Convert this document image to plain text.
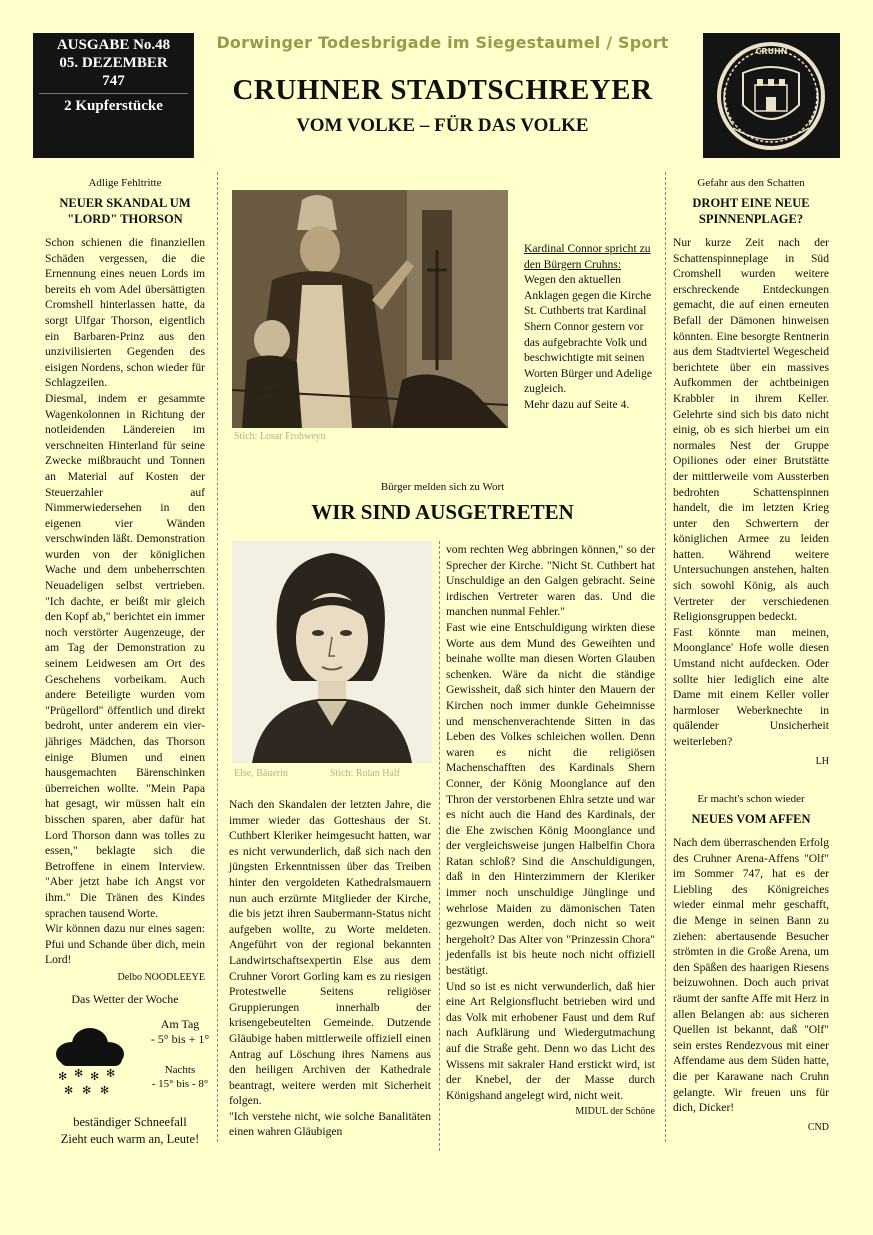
AUSGABE No.48
05. DEZEMBER
747
2 Kupferstücke
Dorwinger Todesbrigade im Siegestaumel / Sport
CRUHNER STADTSCHREYER
VOM VOLKE – FÜR DAS VOLKE
CRUHN
Adlige Fehltritte
NEUER SKANDAL UM "LORD" THORSON
Schon schienen die finanziellen Schäden vergessen, die die Ernennung eines neuen Lords im bereits eh vom Adel übersättigten Cromshell hinterlassen hatte, da sorgt Ulfgar Thorson, eigentlich ein Barbaren-Prinz aus den unzivilisierten Gegenden des eisigen Nordens, schon wieder für Schlagzeilen.
Diesmal, indem er gesammte Wagenkolonnen in Richtung der notleidenden Ländereien im verschneiten Hinterland für seine Zwecke mißbraucht und Tonnen an Material auf Kosten der Steuerzahler auf Nimmerwiedersehen in den eigenen vier Wänden verschwinden läßt. Demonstration wurden von der königlichen Wache und dem unbeherrschten Neuadeligen selbst vertrieben. "Ich dachte, er beißt mir gleich den Kopf ab," berichtet ein immer noch verstörter Augenzeuge, der am Tag der Demonstration zu seinem Leidwesen am Ort des Geschehens vorbeikam. Auch andere Beteiligte wurden vom "Prügellord" öffentlich und direkt bedroht, unter anderem ein vier-jähriges Mädchen, das Thorson einige Blumen und einen hausgemachten Bärenschinken überreichen wollte. "Mein Papa hat gesagt, wir müssen halt ein bisschen sparen, aber dafür hat Lord Thorson dann was tolles zu essen," beklagte sich die Betroffene in einem Interview. "Aber jetzt habe ich Angst vor ihm." Die Tränen des Kindes sprachen tausend Worte.
Wir können dazu nur eines sagen: Pfui und Schande über dich, mein Lord!
Delbo NOODLEEYE
Das Wetter der Woche
✻ ✻ ✻ ✻
✻ ✻ ✻
Am Tag
- 5° bis + 1°
Nachts
- 15° bis - 8°
beständiger Schneefall
Zieht euch warm an, Leute!
Stich: Losar Frohweyn
Kardinal Connor spricht zu den Bürgern Cruhns:
Wegen den aktuellen Anklagen gegen die Kirche St. Cuthberts trat Kardinal Shern Connor gestern vor das aufgebrachte Volk und beschwichtigte mit seinen Worten Bürger und Adelige zugleich.
Mehr dazu auf Seite 4.
Bürger melden sich zu Wort
WIR SIND AUSGETRETEN
Else, Bäuerin	Stich: Rolan Half
Nach den Skandalen der letzten Jahre, die immer wieder das Gotteshaus der St. Cuthbert Kleriker heimgesucht hatten, war es nicht verwunderlich, daß sich nach den jüngsten Erkenntnissen über das Treiben hinter den vergoldeten Kathedralsmauern nun auch erzürnte Mitglieder der Kirche, die bis jetzt ihren Saubermann-Status nicht aufgeben wollte, zu Worte meldeten. Angeführt von der regional bekannten Landwirtschaftsexpertin Else aus dem Cruhner Vorort Gorling kam es zu riesigen Protestwelle Seitens religiöser Gruppierungen innerhalb der krisengebeutelten Gemeinde. Dutzende Gläubige haben mittlerweile offiziell einen Antrag auf Löschung ihres Namens aus den heiligen Archiven der Kathedrale beantragt, weitere werden mit Sicherheit folgen.
"Ich verstehe nicht, wie solche Banalitäten einen wahren Gläubigen
vom rechten Weg abbringen können," so der Sprecher der Kirche. "Nicht St. Cuthbert hat Unschuldige an den Galgen gebracht. Seine irdischen Vertreter waren das. Und die manchen nunmal Fehler."
Fast wie eine Entschuldigung wirkten diese Worte aus dem Mund des Geweihten und beinahe wollte man diesen Worten Glauben schenken. Wäre da nicht die ständige Gewissheit, daß sich hinter den Mauern der Kirchen noch immer dunkle Geheimnisse und menschenverachtende Sitten in das Leben des Volkes schleichen wollen. Denn waren es nicht die religiösen Machenschafften des Kardinals Shern Conner, der König Moonglance auf den Thron der verstorbenen Ehlra setzte und war es nicht auch die Hand des Kardinals, der die Ehe zwischen König Moonglance und der vergleichsweise jungen Halbelfin Chora Ratan schloß? Sind die Anschuldigungen, daß in den Hinterzimmern der Kleriker immer noch unschuldige Jünglinge und wehrlose Maiden zu dämonischen Taten gezwungen werden, doch nicht so weit hergeholt? Das Alter von "Prinzessin Chora" jedenfalls ist bis heute noch nicht offiziell bestätigt.
Und so ist es nicht verwunderlich, daß hier eine Art Relgionsflucht betrieben wird und das Volk mit erhobener Faust und dem Ruf nach Aufklärung und Wiedergutmachung auf die Straße geht. Denn wo das Licht des Wissens mit sakraler Hand erstickt wird, ist der Knebel, der der Masse durch Königshand angelegt wird, nicht weit.
MIDUL der Schöne
Gefahr aus den Schatten
DROHT EINE NEUE SPINNENPLAGE?
Nur kurze Zeit nach der Schattenspinneplage in Süd Cromshell wurden weitere erschreckende Entdeckungen gemacht, die auf einen erneuten Befall der Dämonen hinweisen könnten. Eine besorgte Rentnerin aus dem Stadtviertel Wegescheid berichtete über ein massives Aufkommen der achtbeinigen Krabbler in ihrem Keller. Gelehrte sind sich bis dato nicht einig, ob es sich hierbei um ein normales Nest der Gruppe Opiliones oder einer Brutstätte der mittlerweile vom Aussterben bedrohten Schattenspinnen handelt, die im letzten Krieg unter den Schwertern der königlichen Armee zu leiden hatten. Während weitere Untersuchungen anstehen, halten sich sowohl König, als auch Vertreter der verschiedenen Religionsgruppen bedeckt.
Fast könnte man meinen, Moonglance' Hofe wolle diesen Umstand nicht aufdecken. Oder sollte hier lediglich eine alte Dame mit einem Keller voller harmloser Weberknechte in quälender Unsicherheit weiterleben?
LH
Er macht's schon wieder
NEUES VOM AFFEN
Nach dem überraschenden Erfolg des Cruhner Arena-Affens "Olf" im Sommer 747, hat es der Liebling des Königreiches wieder einmal mehr geschafft, die Menge in seinen Bann zu ziehen: abertausende Besucher strömten in die Große Arena, um den Späßen des haarigen Riesens beizuwohnen. Doch auch privat räumt der sanfte Affe mit Herz in allen Belangen ab: aus sicheren Quellen ist bekannt, daß "Olf" sein erstes Rendezvous mit einer Affendame aus dem Süden hatte, die per Karawane nach Cruhn gelangte. Wir freuen uns für dich, Dicker!
CND
